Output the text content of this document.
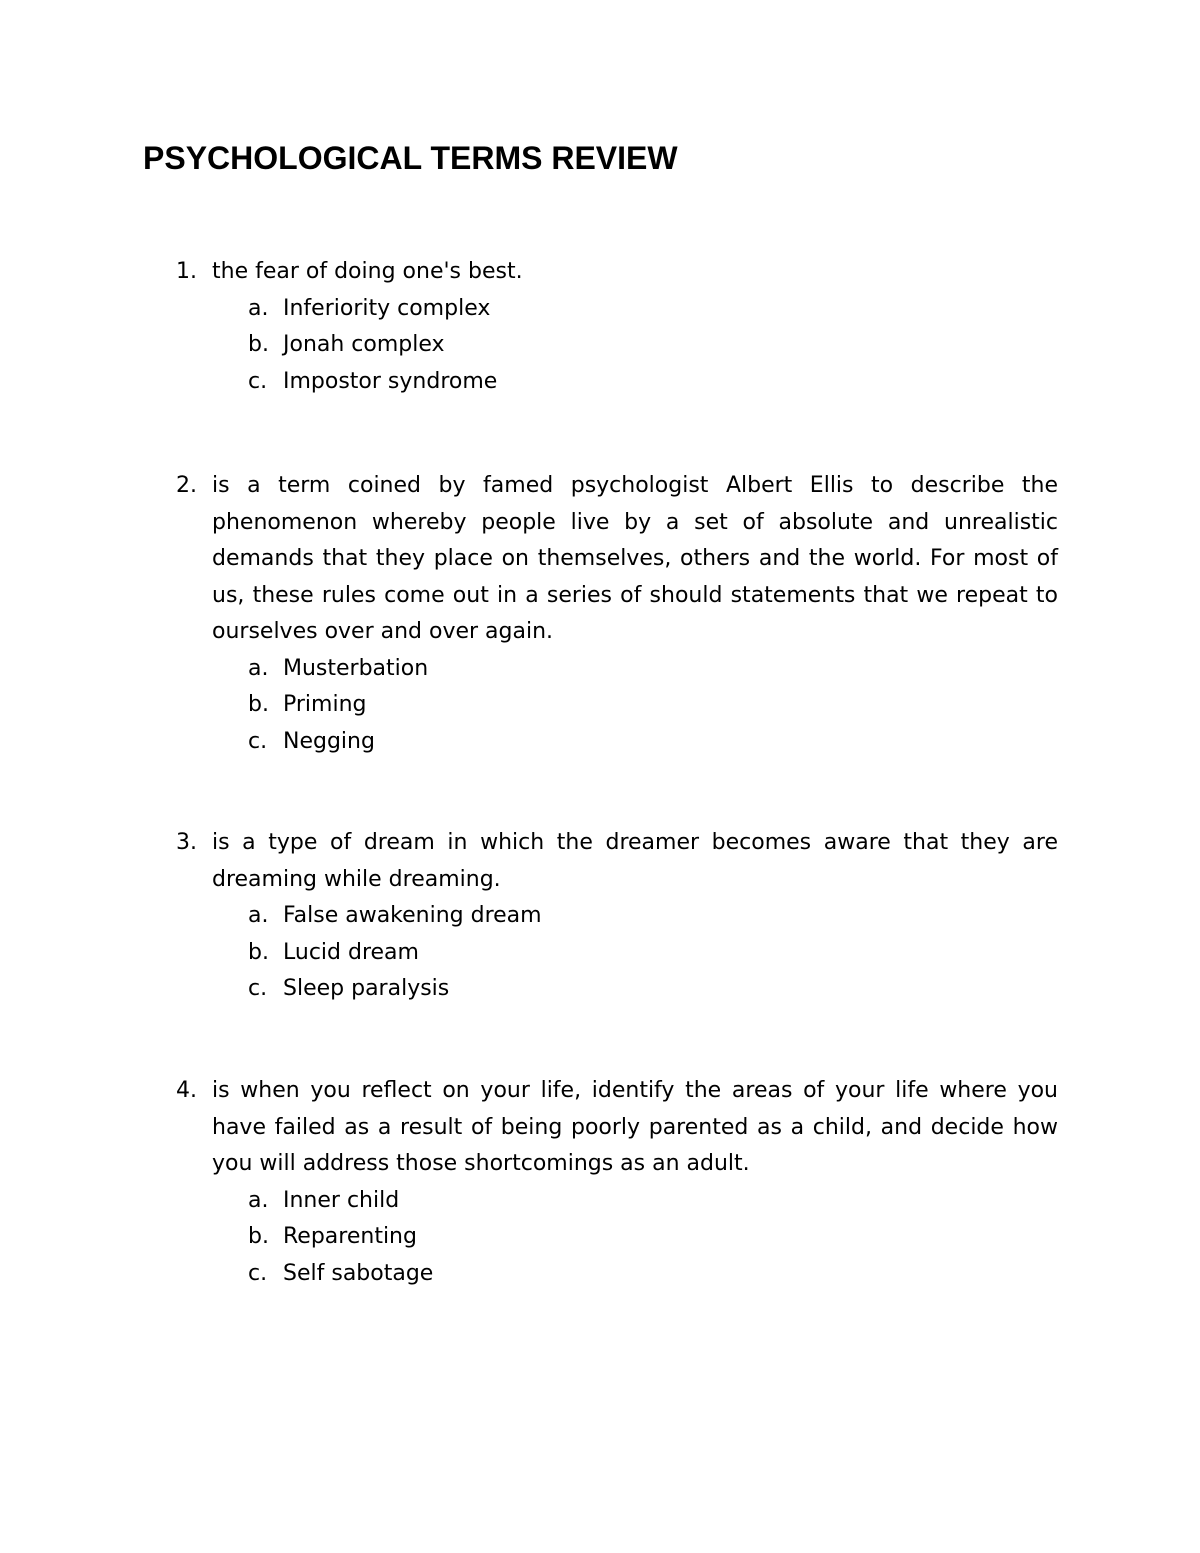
PSYCHOLOGICAL TERMS REVIEW
1. the fear of doing one's best.
a. Inferiority complex
b. Jonah complex
c. Impostor syndrome
2. is a term coined by famed psychologist Albert Ellis to describe the phenomenon whereby people live by a set of absolute and unrealistic demands that they place on themselves, others and the world. For most of us, these rules come out in a series of should statements that we repeat to ourselves over and over again.
a. Musterbation
b. Priming
c. Negging
3. is a type of dream in which the dreamer becomes aware that they are dreaming while dreaming.
a. False awakening dream
b. Lucid dream
c. Sleep paralysis
4. is when you reflect on your life, identify the areas of your life where you have failed as a result of being poorly parented as a child, and decide how you will address those shortcomings as an adult.
a. Inner child
b. Reparenting
c. Self sabotage
